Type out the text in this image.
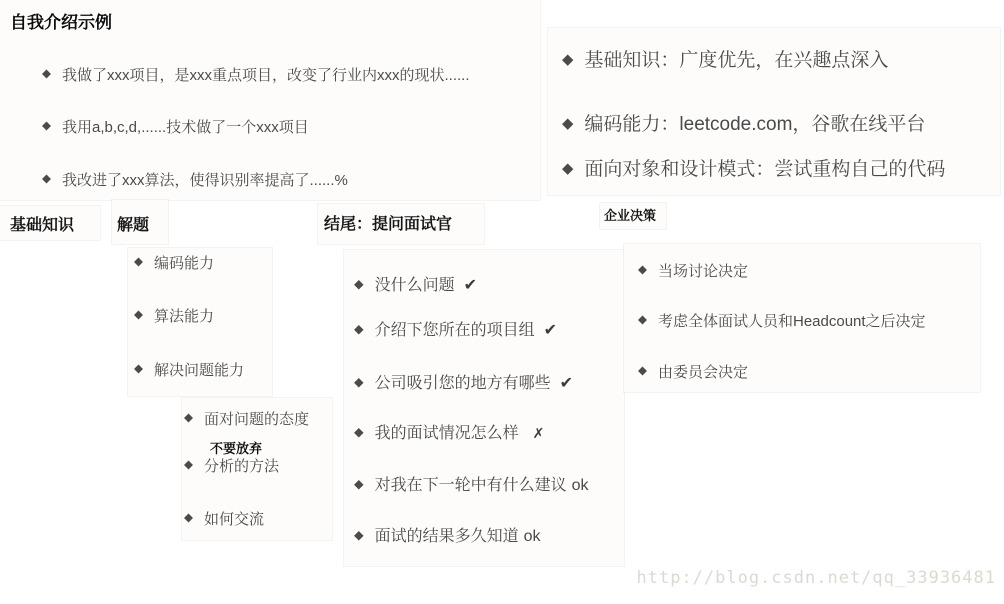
自我介绍示例
◆ 我做了xxx项目，是xxx重点项目，改变了行业内xxx的现状......
◆ 我用a,b,c,d,......技术做了一个xxx项目
◆ 我改进了xxx算法，使得识别率提高了......%
◆ 基础知识：广度优先，在兴趣点深入
◆ 编码能力：leetcode.com，谷歌在线平台
◆ 面向对象和设计模式：尝试重构自己的代码
基础知识	解题	结尾：提问面试官
企业决策
◆ 编码能力
◆ 算法能力
◆ 解决问题能力
◆ 面对问题的态度
不要放弃
◆ 分析的方法
◆ 如何交流
◆ 没什么问题 ✔
◆ 介绍下您所在的项目组 ✔
◆ 公司吸引您的地方有哪些 ✔
◆ 我的面试情况怎么样 ✗
◆ 对我在下一轮中有什么建议 ok
◆ 面试的结果多久知道 ok
◆ 当场讨论决定
◆ 考虑全体面试人员和Headcount之后决定
◆ 由委员会决定
http://blog.csdn.net/qq_33936481
